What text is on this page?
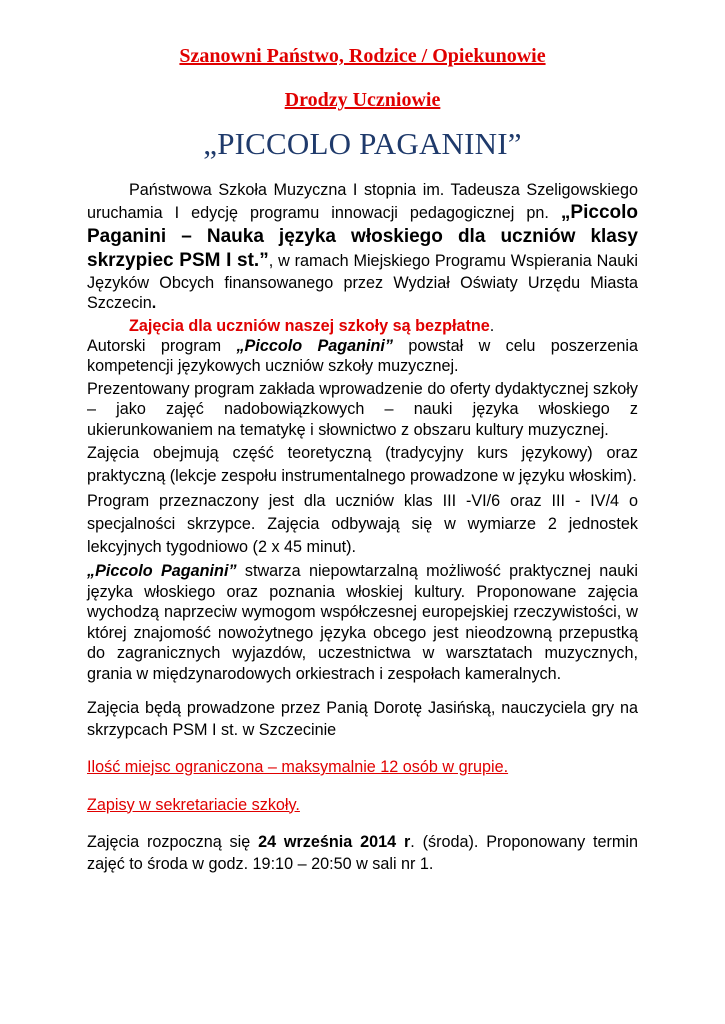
Szanowni Państwo, Rodzice / Opiekunowie
Drodzy Uczniowie
„PICCOLO PAGANINI”

Państwowa Szkoła Muzyczna I stopnia im. Tadeusza Szeligowskiego uruchamia I edycję programu innowacji pedagogicznej pn. „Piccolo Paganini – Nauka języka włoskiego dla uczniów klasy skrzypiec PSM I st.”, w ramach Miejskiego Programu Wspierania Nauki Języków Obcych finansowanego przez Wydział Oświaty Urzędu Miasta Szczecin.

Zajęcia dla uczniów naszej szkoły są bezpłatne.

Autorski program „Piccolo Paganini” powstał w celu poszerzenia kompetencji językowych uczniów szkoły muzycznej.

Prezentowany program zakłada wprowadzenie do oferty dydaktycznej szkoły – jako zajęć nadobowiązkowych – nauki języka włoskiego z ukierunkowaniem na tematykę i słownictwo z obszaru kultury muzycznej.

Zajęcia obejmują część teoretyczną (tradycyjny kurs językowy) oraz praktyczną (lekcje zespołu instrumentalnego prowadzone w języku włoskim).

Program przeznaczony jest dla uczniów klas III -VI/6 oraz III - IV/4 o specjalności skrzypce. Zajęcia odbywają się w wymiarze 2 jednostek lekcyjnych tygodniowo (2 x 45 minut).

„Piccolo Paganini” stwarza niepowtarzalną możliwość praktycznej nauki języka włoskiego oraz poznania włoskiej kultury. Proponowane zajęcia wychodzą naprzeciw wymogom współczesnej europejskiej rzeczywistości, w której znajomość nowożytnego języka obcego jest nieodzowną przepustką do zagranicznych wyjazdów, uczestnictwa w warsztatach muzycznych, grania w międzynarodowych orkiestrach i zespołach kameralnych.

Zajęcia będą prowadzone przez Panią Dorotę Jasińską, nauczyciela gry na skrzypcach PSM I st. w Szczecinie

Ilość miejsc ograniczona – maksymalnie 12 osób w grupie.

Zapisy w sekretariacie szkoły.

Zajęcia rozpoczną się 24 września 2014 r. (środa). Proponowany termin zajęć to środa w godz. 19:10 – 20:50 w sali nr 1.
